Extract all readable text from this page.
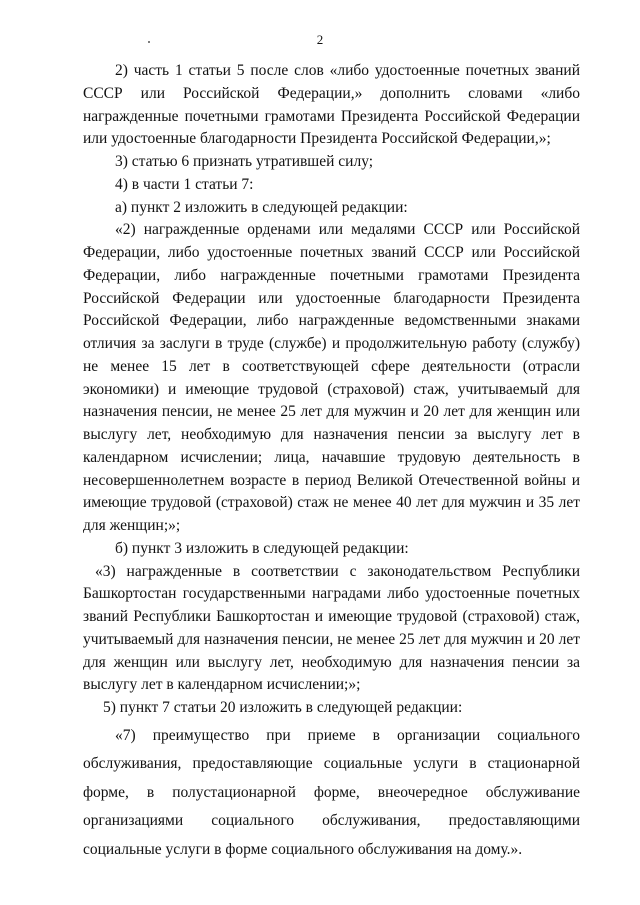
2

2) часть 1 статьи 5 после слов «либо удостоенные почетных званий СССР или Российской Федерации,» дополнить словами «либо награжденные почетными грамотами Президента Российской Федерации или удостоенные благодарности Президента Российской Федерации,»;

3) статью 6 признать утратившей силу;

4) в части 1 статьи 7:

а) пункт 2 изложить в следующей редакции:

«2) награжденные орденами или медалями СССР или Российской Федерации, либо удостоенные почетных званий СССР или Российской Федерации, либо награжденные почетными грамотами Президента Российской Федерации или удостоенные благодарности Президента Российской Федерации, либо награжденные ведомственными знаками отличия за заслуги в труде (службе) и продолжительную работу (службу) не менее 15 лет в соответствующей сфере деятельности (отрасли экономики) и имеющие трудовой (страховой) стаж, учитываемый для назначения пенсии, не менее 25 лет для мужчин и 20 лет для женщин или выслугу лет, необходимую для назначения пенсии за выслугу лет в календарном исчислении; лица, начавшие трудовую деятельность в несовершеннолетнем возрасте в период Великой Отечественной войны и имеющие трудовой (страховой) стаж не менее 40 лет для мужчин и 35 лет для женщин;»;

б) пункт 3 изложить в следующей редакции:

«3) награжденные в соответствии с законодательством Республики Башкортостан государственными наградами либо удостоенные почетных званий Республики Башкортостан и имеющие трудовой (страховой) стаж, учитываемый для назначения пенсии, не менее 25 лет для мужчин и 20 лет для женщин или выслугу лет, необходимую для назначения пенсии за выслугу лет в календарном исчислении;»;

5) пункт 7 статьи 20 изложить в следующей редакции:

«7) преимущество при приеме в организации социального обслуживания, предоставляющие социальные услуги в стационарной форме, в полустационарной форме, внеочередное обслуживание организациями социального обслуживания, предоставляющими социальные услуги в форме социального обслуживания на дому.».
